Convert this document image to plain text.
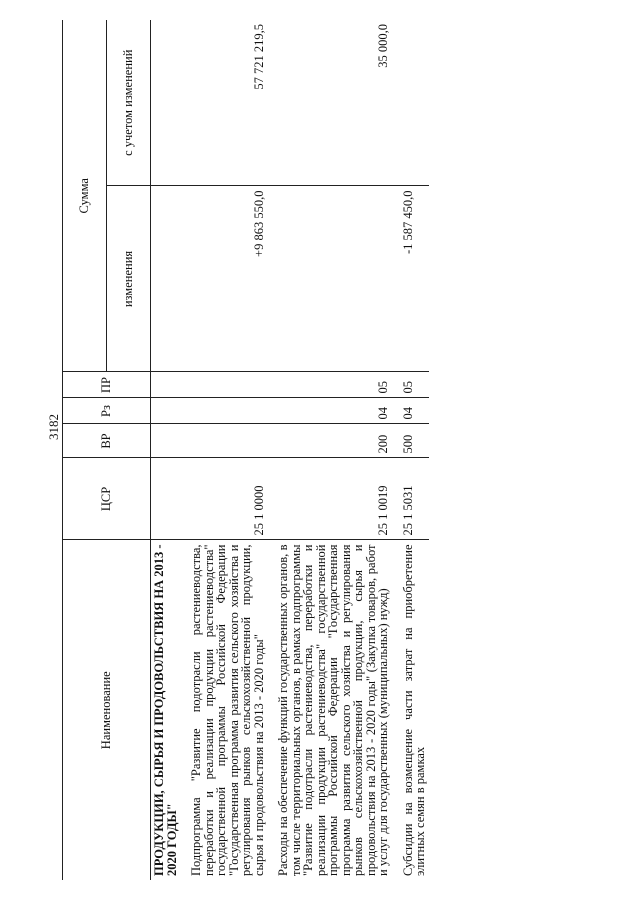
3182
Наименование	ЦСР	ВР	Рз	ПР	Сумма	
					изменения	с учетом изменений
ПРОДУКЦИИ, СЫРЬЯ И ПРОДОВОЛЬСТВИЯ НА 2013 - 2020 ГОДЫ"						

Подпрограмма "Развитие подотрасли растениеводства, переработки и реализации продукции растениеводства" государственной программы Российской Федерации "Государственная программа развития сельского хозяйства и регулирования рынков сельскохозяйственной продукции, сырья и продовольствия на 2013 - 2020 годы"	25 1 0000				+9 863 550,0	57 721 219,5

Расходы на обеспечение функций государственных органов, в том числе территориальных органов, в рамках подпрограммы "Развитие подотрасли растениеводства, переработки и реализации продукции растениеводства" государственной программы Российской Федерации "Государственная программа развития сельского хозяйства и регулирования рынков сельскохозяйственной продукции, сырья и продовольствия на 2013 - 2020 годы" (Закупка товаров, работ и услуг для государственных (муниципальных) нужд)	25 1 0019	200	04	05		35 000,0

Субсидии на возмещение части затрат на приобретение элитных семян в рамках	25 1 5031	500	04	05	-1 587 450,0	
